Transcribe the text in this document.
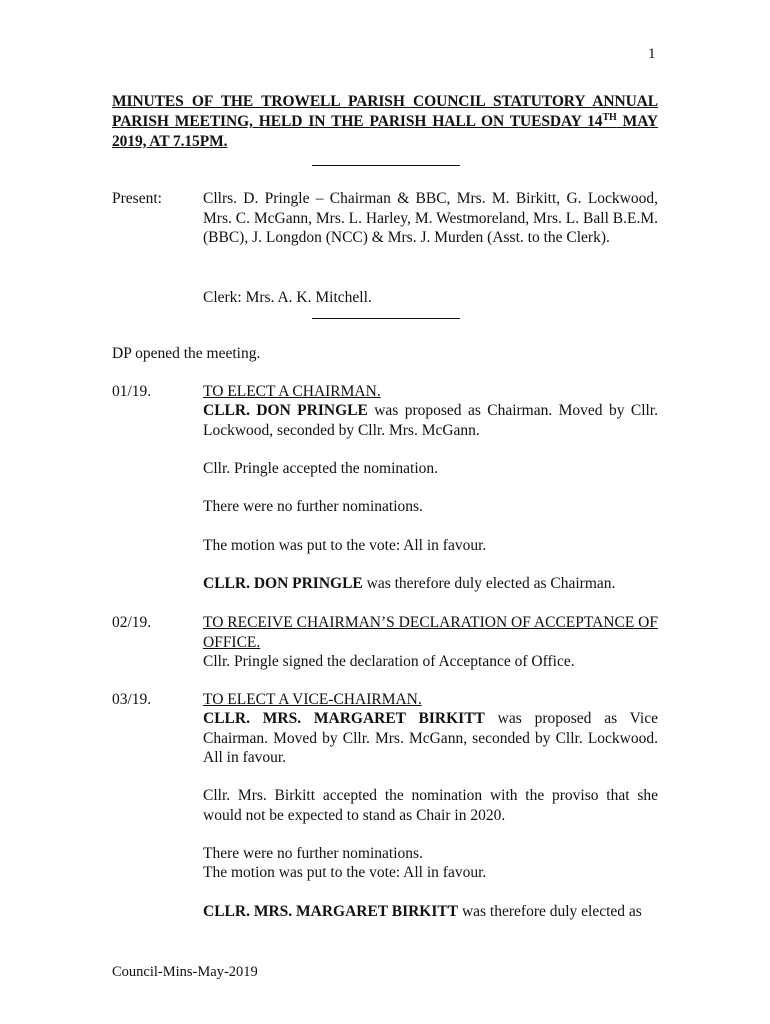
1
MINUTES OF THE TROWELL PARISH COUNCIL STATUTORY ANNUAL PARISH MEETING, HELD IN THE PARISH HALL ON TUESDAY 14TH MAY 2019, AT 7.15PM.
Present:	Cllrs. D. Pringle – Chairman & BBC, Mrs. M. Birkitt, G. Lockwood, Mrs. C. McGann, Mrs. L. Harley, M. Westmoreland, Mrs. L. Ball B.E.M. (BBC), J. Longdon (NCC) & Mrs. J. Murden (Asst. to the Clerk).
Clerk: Mrs. A. K. Mitchell.
DP opened the meeting.
01/19.	TO ELECT A CHAIRMAN.
CLLR. DON PRINGLE was proposed as Chairman. Moved by Cllr. Lockwood, seconded by Cllr. Mrs. McGann.
Cllr. Pringle accepted the nomination.
There were no further nominations.
The motion was put to the vote: All in favour.
CLLR. DON PRINGLE was therefore duly elected as Chairman.
02/19.	TO RECEIVE CHAIRMAN’S DECLARATION OF ACCEPTANCE OF OFFICE.
Cllr. Pringle signed the declaration of Acceptance of Office.
03/19.	TO ELECT A VICE-CHAIRMAN.
CLLR. MRS. MARGARET BIRKITT was proposed as Vice Chairman. Moved by Cllr. Mrs. McGann, seconded by Cllr. Lockwood. All in favour.
Cllr. Mrs. Birkitt accepted the nomination with the proviso that she would not be expected to stand as Chair in 2020.
There were no further nominations.
The motion was put to the vote: All in favour.
CLLR. MRS. MARGARET BIRKITT was therefore duly elected as
Council-Mins-May-2019
